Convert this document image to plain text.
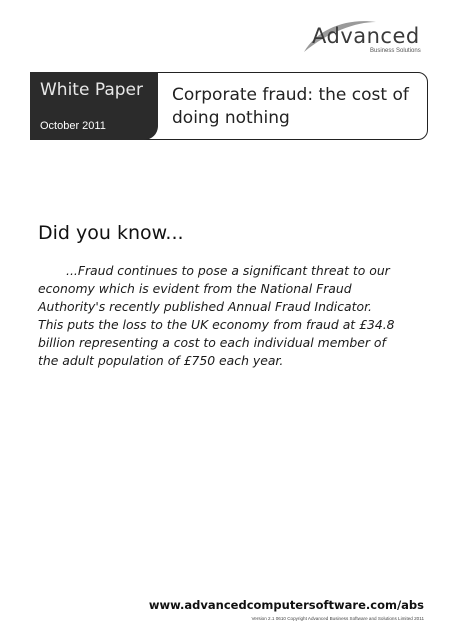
Advanced
Business Solutions
White Paper
October 2011
Corporate fraud: the cost of doing nothing
Did you know...
...Fraud continues to pose a significant threat to our economy which is evident from the National Fraud Authority's recently published Annual Fraud Indicator. This puts the loss to the UK economy from fraud at £34.8 billion representing a cost to each individual member of the adult population of £750 each year.
www.advancedcomputersoftware.com/abs
Version 2.1 0610 Copyright Advanced Business Software and Solutions Limited 2011
